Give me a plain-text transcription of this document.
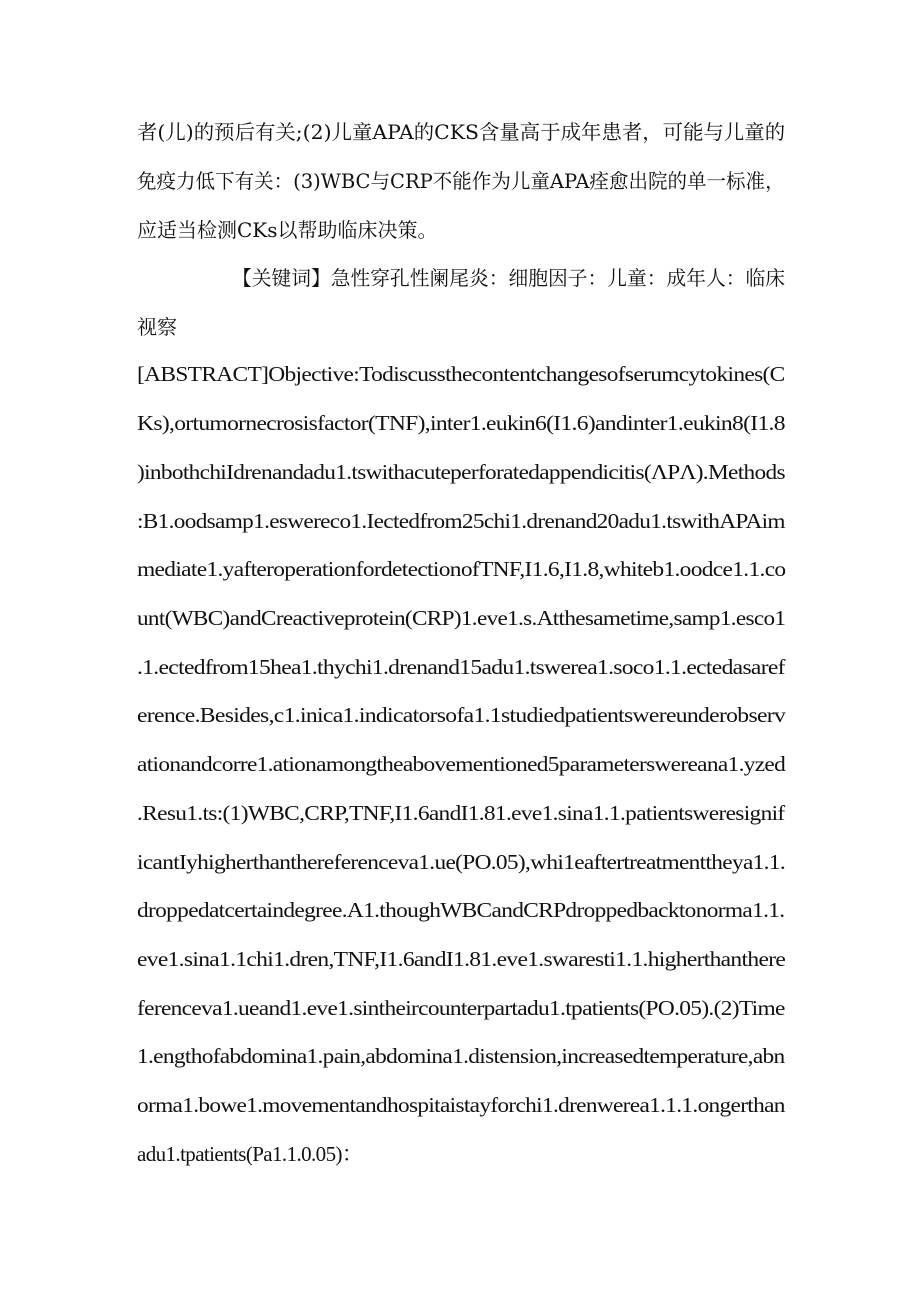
者(儿)的预后有关;(2)儿童APA的CKS含量高于成年患者，可能与儿童的
免疫力低下有关：(3)WBC与CRP不能作为儿童APA痊愈出院的单一标准，
应适当检测CKs以帮助临床决策。
【关键词】急性穿孔性阑尾炎：细胞因子：儿童：成年人：临床
视察
[ABSTRACT]Objective:Todiscussthecontentchangesofserumcytokines(C
Ks),ortumornecrosisfactor(TNF),inter1.eukin6(I1.6)andinter1.eukin8(I1.8
)inbothchiIdrenandadu1.tswithacuteperforatedappendicitis(ΛPΛ).Methods
:B1.oodsamp1.eswereco1.Iectedfrom25chi1.drenand20adu1.tswithAPAim
mediate1.yafteroperationfordetectionofTNF,I1.6,I1.8,whiteb1.oodce1.1.co
unt(WBC)andCreactiveprotein(CRP)1.eve1.s.Atthesametime,samp1.esco1
.1.ectedfrom15hea1.thychi1.drenand15adu1.tswerea1.soco1.1.ectedasaref
erence.Besides,c1.inica1.indicatorsofa1.1studiedpatientswereunderobserv
ationandcorre1.ationamongtheabovementioned5parameterswereana1.yzed
.Resu1.ts:(1)WBC,CRP,TNF,I1.6andI1.81.eve1.sina1.1.patientsweresignif
icantIyhigherthanthereferenceva1.ue(PO.05),whi1eaftertreatmenttheya1.1.
droppedatcertaindegree.A1.thoughWBCandCRPdroppedbacktonorma1.1.
eve1.sina1.1chi1.dren,TNF,I1.6andI1.81.eve1.swaresti1.1.higherthanthere
ferenceva1.ueand1.eve1.sintheircounterpartadu1.tpatients(PO.05).(2)Time
1.engthofabdomina1.pain,abdomina1.distension,increasedtemperature,abn
orma1.bowe1.movementandhospitaistayforchi1.drenwerea1.1.1.ongerthan
adu1.tpatients(Pa1.1.0.05)：
